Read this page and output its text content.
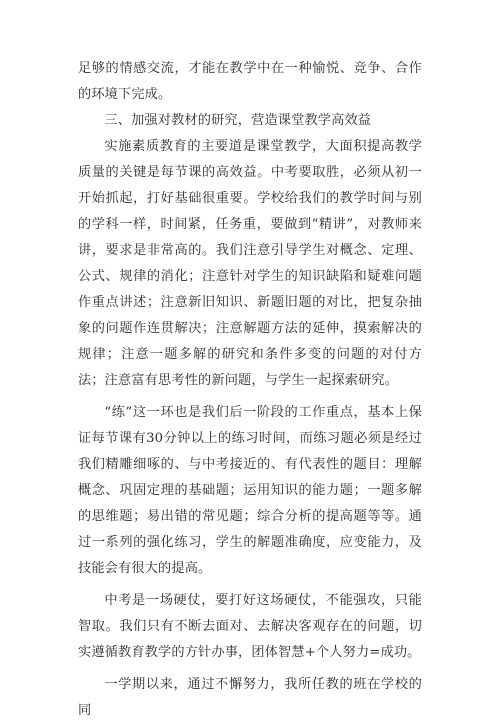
足够的情感交流，才能在教学中在一种愉悦、竞争、合作的环境下完成。

三、加强对教材的研究，营造课堂教学高效益

实施素质教育的主要道是课堂教学，大面积提高教学质量的关键是每节课的高效益。中考要取胜，必须从初一开始抓起，打好基础很重要。学校给我们的教学时间与别的学科一样，时间紧，任务重，要做到“精讲”，对教师来讲，要求是非常高的。我们注意引导学生对概念、定理、公式、规律的消化；注意针对学生的知识缺陷和疑难问题作重点讲述；注意新旧知识、新题旧题的对比，把复杂抽象的问题作连贯解决；注意解题方法的延伸，摸索解决的规律；注意一题多解的研究和条件多变的问题的对付方法；注意富有思考性的新问题，与学生一起探索研究。

“练”这一环也是我们后一阶段的工作重点，基本上保证每节课有30分钟以上的练习时间，而练习题必须是经过我们精雕细啄的、与中考接近的、有代表性的题目：理解概念、巩固定理的基础题；运用知识的能力题；一题多解的思维题；易出错的常见题；综合分析的提高题等等。通过一系列的强化练习，学生的解题准确度，应变能力，及技能会有很大的提高。

中考是一场硬仗，要打好这场硬仗，不能强攻，只能智取。我们只有不断去面对、去解决客观存在的问题，切实遵循教育教学的方针办事，团体智慧+个人努力=成功。

一学期以来，通过不懈努力，我所任教的班在学校的同
